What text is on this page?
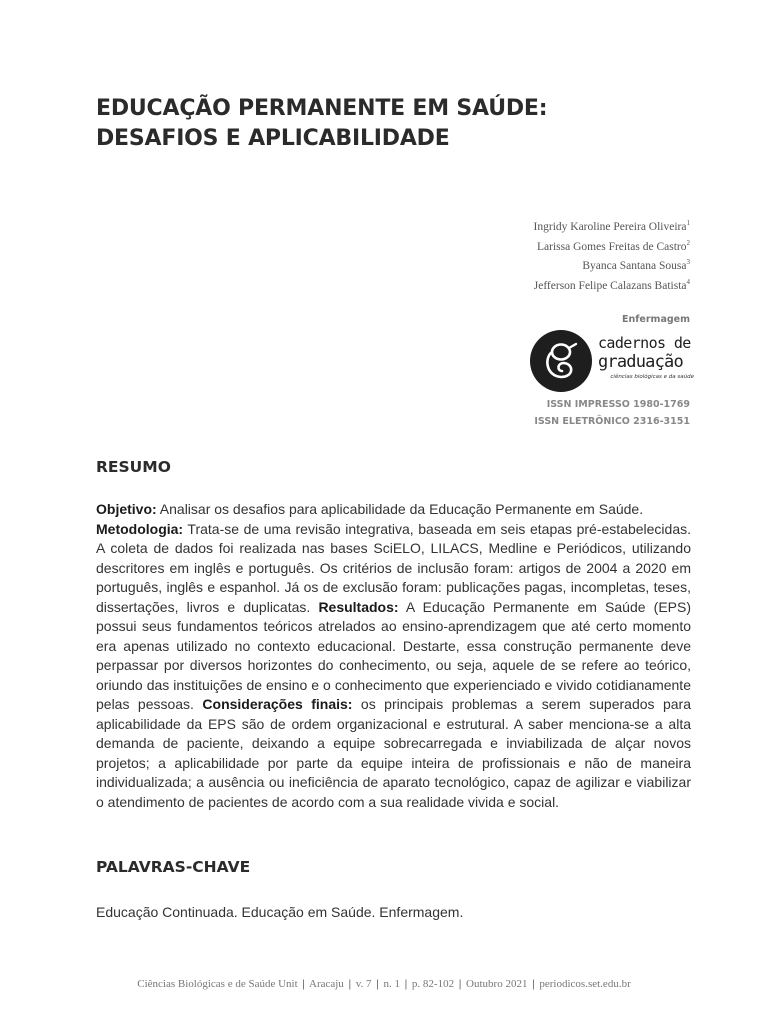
EDUCAÇÃO PERMANENTE EM SAÚDE:
DESAFIOS E APLICABILIDADE
Ingridy Karoline Pereira Oliveira$^1$
Larissa Gomes Freitas de Castro$^2$
Byanca Santana Sousa$^3$
Jefferson Felipe Calazans Batista$^4$
Enfermagem
cadernos de
graduação
ciências biológicas e da saúde
ISSN IMPRESSO 1980-1769
ISSN ELETRÔNICO 2316-3151
RESUMO

Objetivo: Analisar os desafios para aplicabilidade da Educação Permanente em Saúde.
Metodologia: Trata-se de uma revisão integrativa, baseada em seis etapas pré-estabelecidas. A coleta de dados foi realizada nas bases SciELO, LILACS, Medline e Periódicos, utilizando descritores em inglês e português. Os critérios de inclusão foram: artigos de 2004 a 2020 em português, inglês e espanhol. Já os de exclusão foram: publicações pagas, incompletas, teses, dissertações, livros e duplicatas. Resultados: A Educação Permanente em Saúde (EPS) possui seus fundamentos teóricos atrelados ao ensino-aprendizagem que até certo momento era apenas utilizado no contexto educacional. Destarte, essa construção permanente deve perpassar por diversos horizontes do conhecimento, ou seja, aquele de se refere ao teórico, oriundo das instituições de ensino e o conhecimento que experienciado e vivido cotidianamente pelas pessoas. Considerações finais: os principais problemas a serem superados para aplicabilidade da EPS são de ordem organizacional e estrutural. A saber menciona-se a alta demanda de paciente, deixando a equipe sobrecarregada e inviabilizada de alçar novos projetos; a aplicabilidade por parte da equipe inteira de profissionais e não de maneira individualizada; a ausência ou ineficiência de aparato tecnológico, capaz de agilizar e viabilizar o atendimento de pacientes de acordo com a sua realidade vivida e social.

PALAVRAS-CHAVE

Educação Continuada. Educação em Saúde. Enfermagem.

Ciências Biológicas e de Saúde Unit | Aracaju | v. 7 | n. 1 | p. 82-102 | Outubro 2021 | periodicos.set.edu.br
